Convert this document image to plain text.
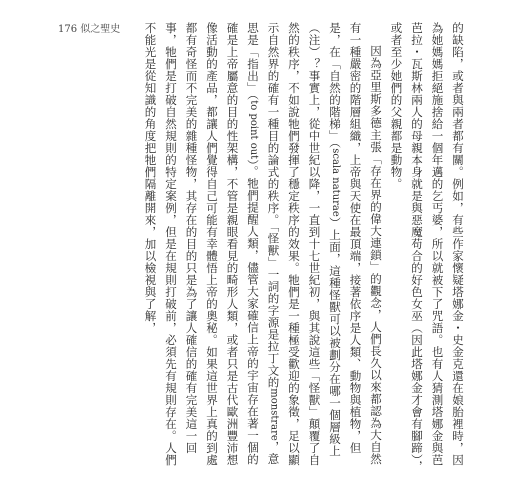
176 似之聖史	的缺陷，或者與兩者都有關。例如，有些作家懷疑塔娜金・史金克還在娘胎裡時，因為她媽媽拒絕施捨給一個年邁的乞丐婆，所以就被下了咒語。也有人猜測塔娜金與芭芭拉・瓦斯林兩人的母親本身就是與惡魔苟合的好色女巫（因此塔娜金才會有腳蹄），或者至少她們的父親都是動物。

因為亞里斯多德主張「存在界的偉大連鎖」的觀念，人們長久以來都認為大自然有一種嚴密的階層組織，上帝與天使在最頂端，接著依序是人類、動物與植物，但是，在「自然的階梯」（scala naturae）上面，這種怪獸可以被劃分在哪一個層級上（注）？事實上，從中世紀以降，一直到十七世紀初，與其說這些「怪獸」顛覆了自然的秩序，不如說牠們發揮了穩定秩序的效果。牠們是一種極受歡迎的象徵，足以顯示自然界的確有一種目的論式的秩序。「怪獸」一詞的字源是拉丁文的monstrare，意思是「指出」（to point out）。牠們提醒人類，儘管大家確信上帝的宇宙存在著一個的確是上帝屬意的目的性架構，不管是親眼看見的畸形人類，或者只是古代歐洲豐沛想像活動的產品，都讓人們覺得自己可能有幸體悟上帝的奧秘。如果這世界上真的到處都有奇怪而不完美的雜種怪物，其存在的目的只是為了讓人確信的確有完美這一回事，牠們是打破自然規則的特定案例，但是在規則打破前，必須先有規則存在。人們不能光是從知識的角度把牠們隔離開來，加以檢視與了解，
